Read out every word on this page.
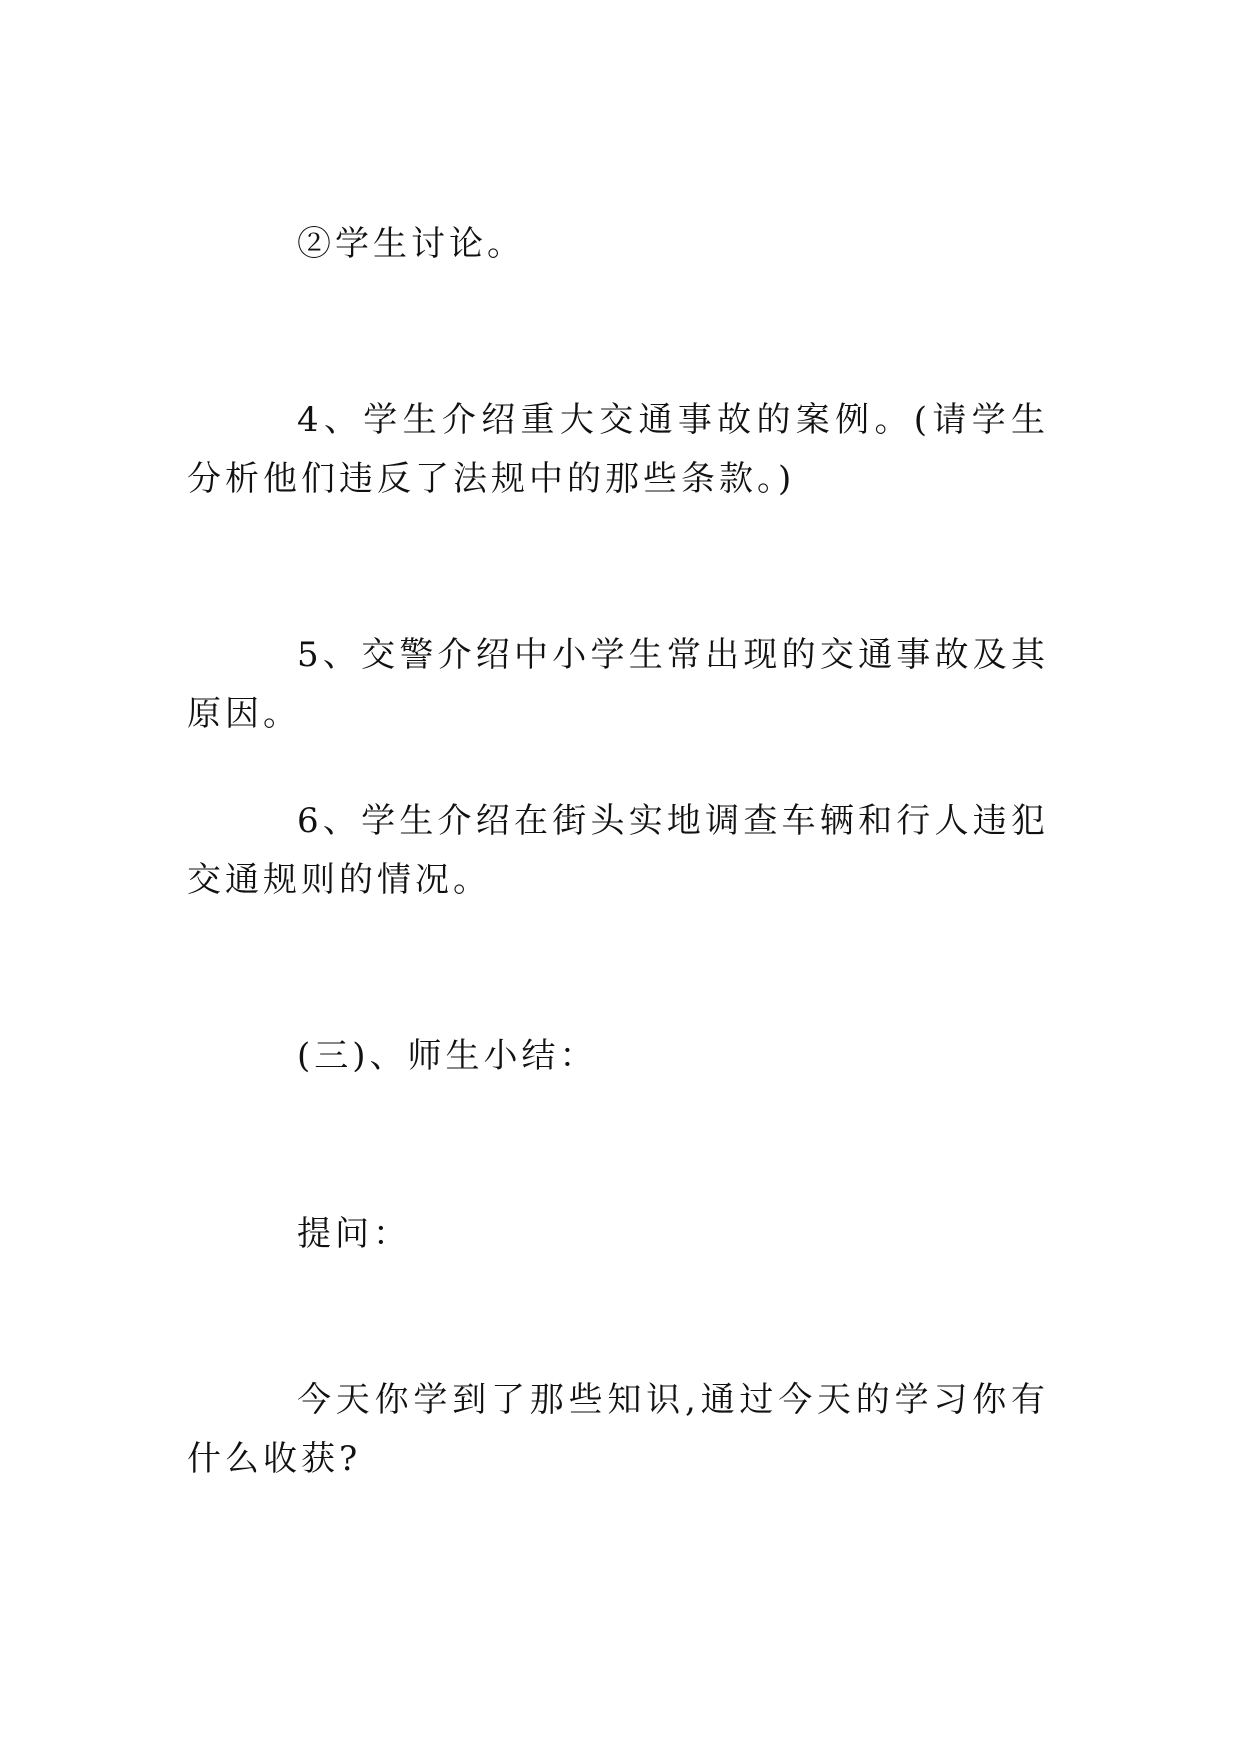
②学生讨论。

4、学生介绍重大交通事故的案例。(请学生分析他们违反了法规中的那些条款。)

5、交警介绍中小学生常出现的交通事故及其原因。

6、学生介绍在街头实地调查车辆和行人违犯交通规则的情况。

(三)、师生小结：

提问：

今天你学到了那些知识,通过今天的学习你有什么收获?
